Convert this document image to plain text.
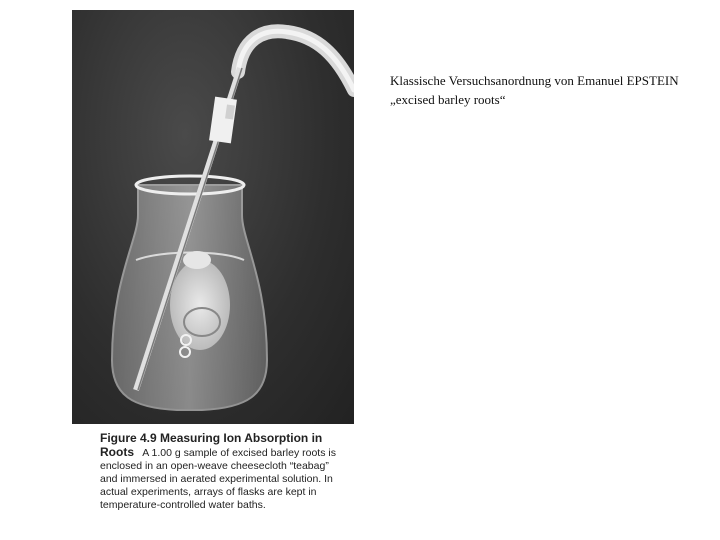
Figure 4.9 Measuring Ion Absorption in
Roots A 1.00 g sample of excised barley roots is enclosed in an open-weave cheesecloth “teabag” and immersed in aerated experimental solution. In actual experiments, arrays of flasks are kept in temperature-controlled water baths.
Klassische Versuchsanordnung von Emanuel EPSTEIN
„excised barley roots“
